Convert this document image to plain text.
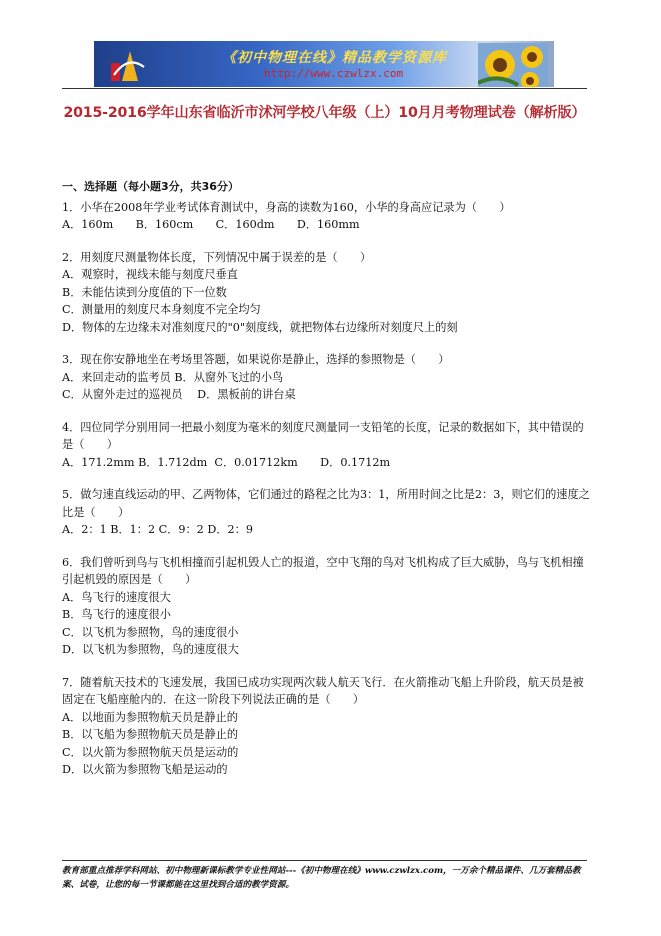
《初中物理在线》精品教学资源库
http://www.czwlzx.com
2015-2016学年山东省临沂市沭河学校八年级（上）10月月考物理试卷（解析版）
一、选择题（每小题3分，共36分）

1．小华在2008年学业考试体育测试中，身高的读数为160，小华的身高应记录为（　　）

A．160m　　B．160cm　　C．160dm　　D．160mm

2．用刻度尺测量物体长度，下列情况中属于误差的是（　　）

A．观察时，视线未能与刻度尺垂直

B．未能估读到分度值的下一位数

C．测量用的刻度尺本身刻度不完全均匀

D．物体的左边缘未对准刻度尺的"0"刻度线，就把物体右边缘所对刻度尺上的刻

3．现在你安静地坐在考场里答题，如果说你是静止，选择的参照物是（　　）

A．来回走动的监考员 B．从窗外飞过的小鸟

C．从窗外走过的巡视员　 D．黑板前的讲台桌

4．四位同学分别用同一把最小刻度为毫米的刻度尺测量同一支铅笔的长度，记录的数据如下，其中错误的是（　　）

A．171.2mm B．1.712dm  C．0.01712km　　D．0.1712m

5．做匀速直线运动的甲、乙两物体，它们通过的路程之比为3：1，所用时间之比是2：3，则它们的速度之比是（　　）

A．2：1 B．1：2 C．9：2 D．2：9

6．我们曾听到鸟与飞机相撞而引起机毁人亡的报道，空中飞翔的鸟对飞机构成了巨大威胁，鸟与飞机相撞引起机毁的原因是（　　）

A．鸟飞行的速度很大

B．鸟飞行的速度很小

C．以飞机为参照物，鸟的速度很小

D．以飞机为参照物，鸟的速度很大

7．随着航天技术的飞速发展，我国已成功实现两次载人航天飞行．在火箭推动飞船上升阶段，航天员是被固定在飞船座舱内的．在这一阶段下列说法正确的是（　　）

A．以地面为参照物航天员是静止的

B．以飞船为参照物航天员是静止的

C．以火箭为参照物航天员是运动的

D．以火箭为参照物飞船是运动的

教育部重点推荐学科网站、初中物理新课标教学专业性网站---《初中物理在线》www.czwlzx.com，一万余个精品课件、几万套精品教案、试卷，让您的每一节课都能在这里找到合适的教学资源。
